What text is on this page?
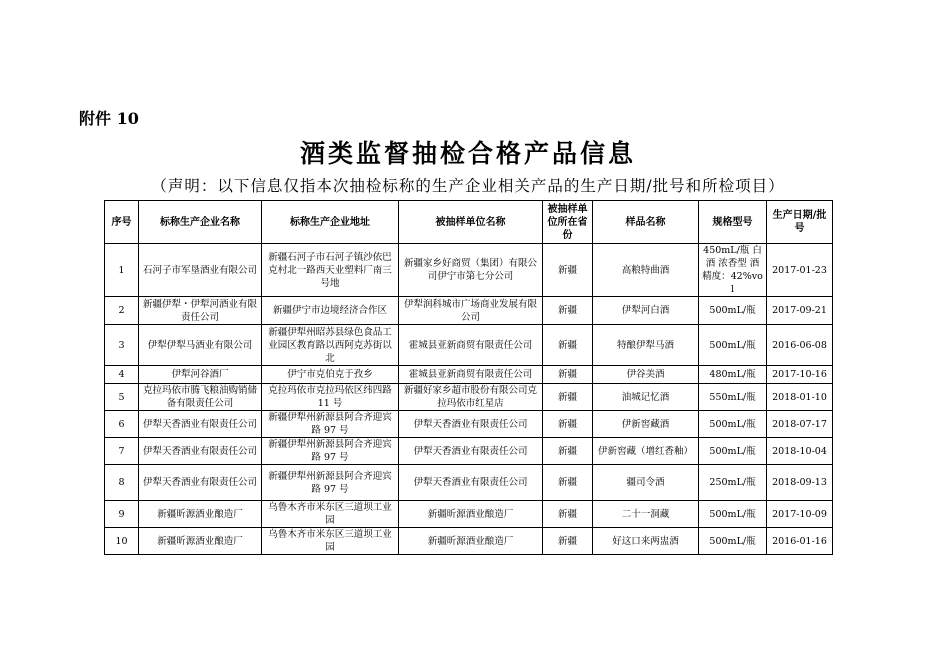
附件 10
酒类监督抽检合格产品信息
（声明：以下信息仅指本次抽检标称的生产企业相关产品的生产日期/批号和所检项目）
序号	标称生产企业名称	标称生产企业地址	被抽样单位名称	被抽样单位所在省份	样品名称	规格型号	生产日期/批号
1	石河子市军垦酒业有限公司	新疆石河子市石河子镇沙依巴克村北一路西天业塑料厂南三号地	新疆家乡好商贸（集团）有限公司伊宁市第七分公司	新疆	高粮特曲酒	450mL/瓶 白酒 浓香型 酒精度：42%vol	2017-01-23
2	新疆伊犁・伊犁河酒业有限责任公司	新疆伊宁市边境经济合作区	伊犁润科城市广场商业发展有限公司	新疆	伊犁河白酒	500mL/瓶	2017-09-21
3	伊犁伊犁马酒业有限公司	新疆伊犁州昭苏县绿色食品工业园区教育路以西阿克苏街以北	霍城县亚新商贸有限责任公司	新疆	特酿伊犁马酒	500mL/瓶	2016-06-08
4	伊犁河谷酒厂	伊宁市克伯克于孜乡	霍城县亚新商贸有限责任公司	新疆	伊谷美酒	480mL/瓶	2017-10-16
5	克拉玛依市腾飞粮油购销储备有限责任公司	克拉玛依市克拉玛依区纬四路 11 号	新疆好家乡超市股份有限公司克拉玛依市红星店	新疆	油城记忆酒	550mL/瓶	2018-01-10
6	伊犁天香酒业有限责任公司	新疆伊犁州新源县阿合齐迎宾路 97 号	伊犁天香酒业有限责任公司	新疆	伊新窖藏酒	500mL/瓶	2018-07-17
7	伊犁天香酒业有限责任公司	新疆伊犁州新源县阿合齐迎宾路 97 号	伊犁天香酒业有限责任公司	新疆	伊新窖藏（增红香釉）	500mL/瓶	2018-10-04
8	伊犁天香酒业有限责任公司	新疆伊犁州新源县阿合齐迎宾路 97 号	伊犁天香酒业有限责任公司	新疆	疆司令酒	250mL/瓶	2018-09-13
9	新疆昕源酒业酿造厂	乌鲁木齐市米东区三道坝工业园	新疆昕源酒业酿造厂	新疆	二十一洞藏	500mL/瓶	2017-10-09
10	新疆昕源酒业酿造厂	乌鲁木齐市米东区三道坝工业园	新疆昕源酒业酿造厂	新疆	好这口来两盅酒	500mL/瓶	2016-01-16
